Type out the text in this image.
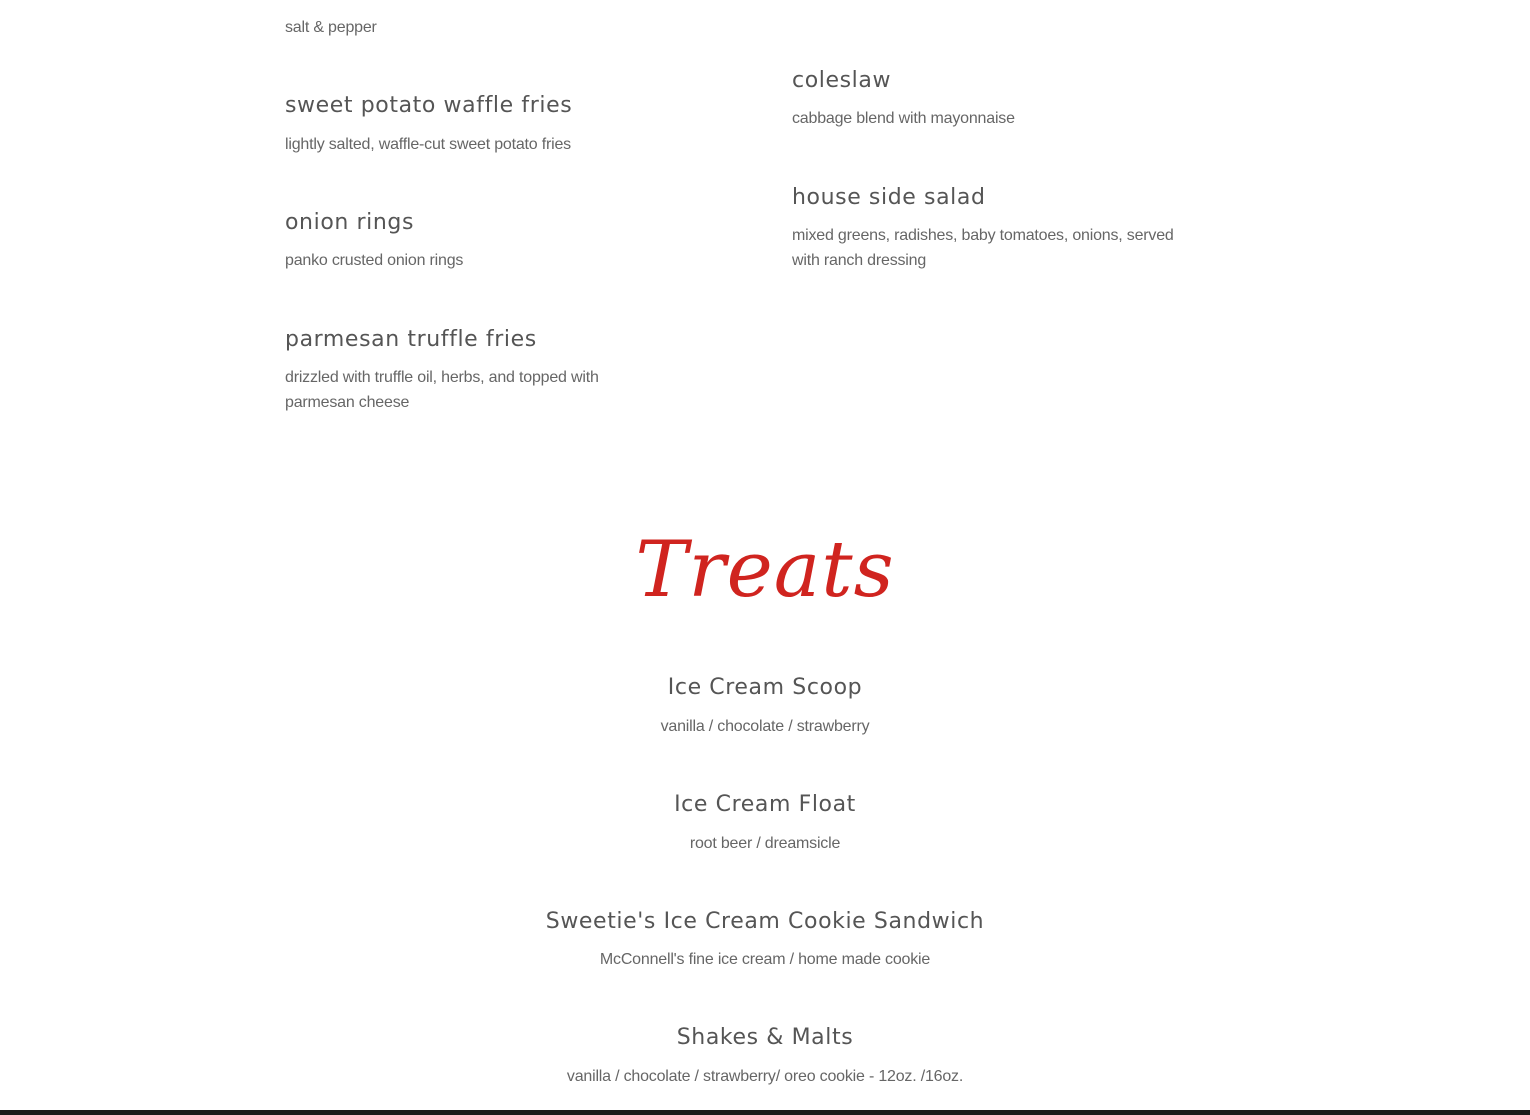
salt & pepper
sweet potato waffle fries
lightly salted, waffle-cut sweet potato fries
onion rings
panko crusted onion rings
parmesan truffle fries
drizzled with truffle oil, herbs, and topped with parmesan cheese
coleslaw
cabbage blend with mayonnaise
house side salad
mixed greens, radishes, baby tomatoes, onions, served with ranch dressing
Treats
Ice Cream Scoop
vanilla / chocolate / strawberry
Ice Cream Float
root beer / dreamsicle
Sweetie's Ice Cream Cookie Sandwich
McConnell's fine ice cream / home made cookie
Shakes & Malts
vanilla / chocolate / strawberry/ oreo cookie - 12oz. /16oz.
